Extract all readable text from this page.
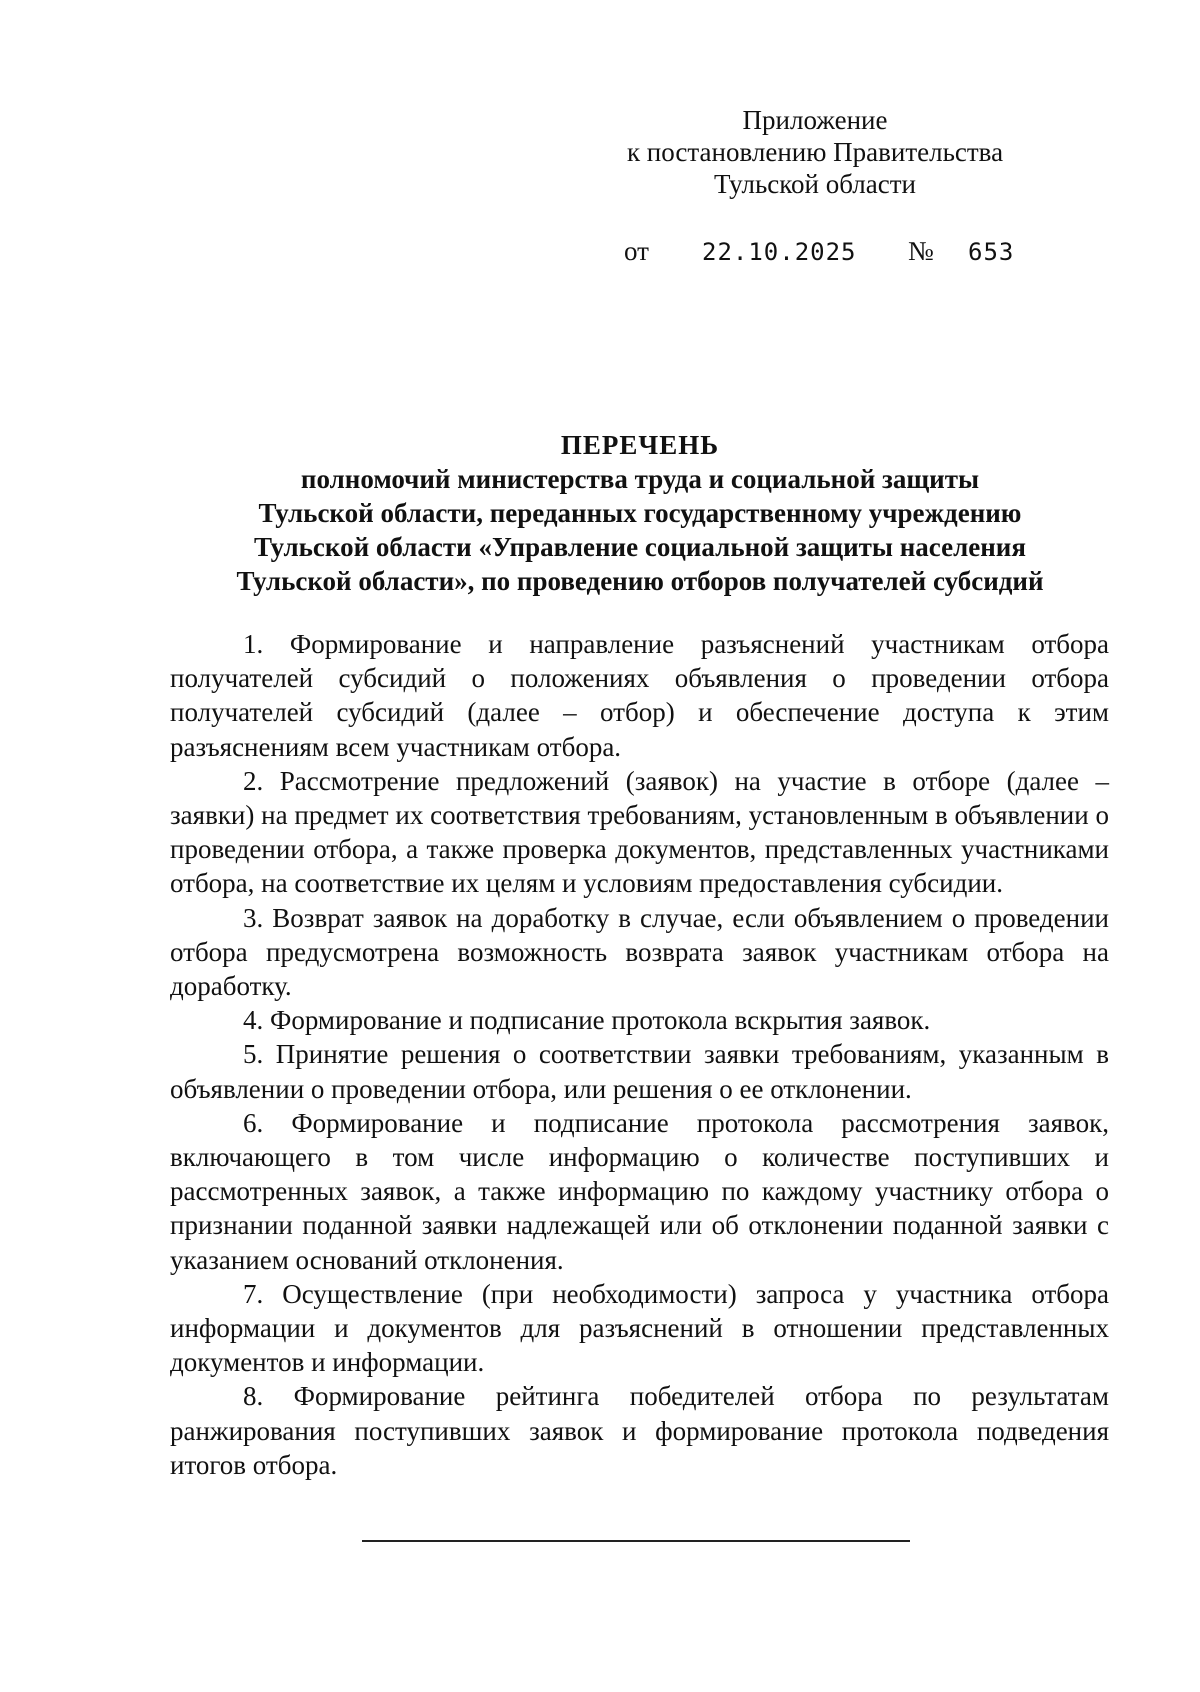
Приложение
к постановлению Правительства
Тульской области
от 22.10.2025 № 653
ПЕРЕЧЕНЬ
полномочий министерства труда и социальной защиты
Тульской области, переданных государственному учреждению
Тульской области «Управление социальной защиты населения
Тульской области», по проведению отборов получателей субсидий

1. Формирование и направление разъяснений участникам отбора получателей субсидий о положениях объявления о проведении отбора получателей субсидий (далее – отбор) и обеспечение доступа к этим разъяснениям всем участникам отбора.

2. Рассмотрение предложений (заявок) на участие в отборе (далее – заявки) на предмет их соответствия требованиям, установленным в объявлении о проведении отбора, а также проверка документов, представленных участниками отбора, на соответствие их целям и условиям предоставления субсидии.

3. Возврат заявок на доработку в случае, если объявлением о проведении отбора предусмотрена возможность возврата заявок участникам отбора на доработку.

4. Формирование и подписание протокола вскрытия заявок.

5. Принятие решения о соответствии заявки требованиям, указанным в объявлении о проведении отбора, или решения о ее отклонении.

6. Формирование и подписание протокола рассмотрения заявок, включающего в том числе информацию о количестве поступивших и рассмотренных заявок, а также информацию по каждому участнику отбора о признании поданной заявки надлежащей или об отклонении поданной заявки с указанием оснований отклонения.

7. Осуществление (при необходимости) запроса у участника отбора информации и документов для разъяснений в отношении представленных документов и информации.

8. Формирование рейтинга победителей отбора по результатам ранжирования поступивших заявок и формирование протокола подведения итогов отбора.
